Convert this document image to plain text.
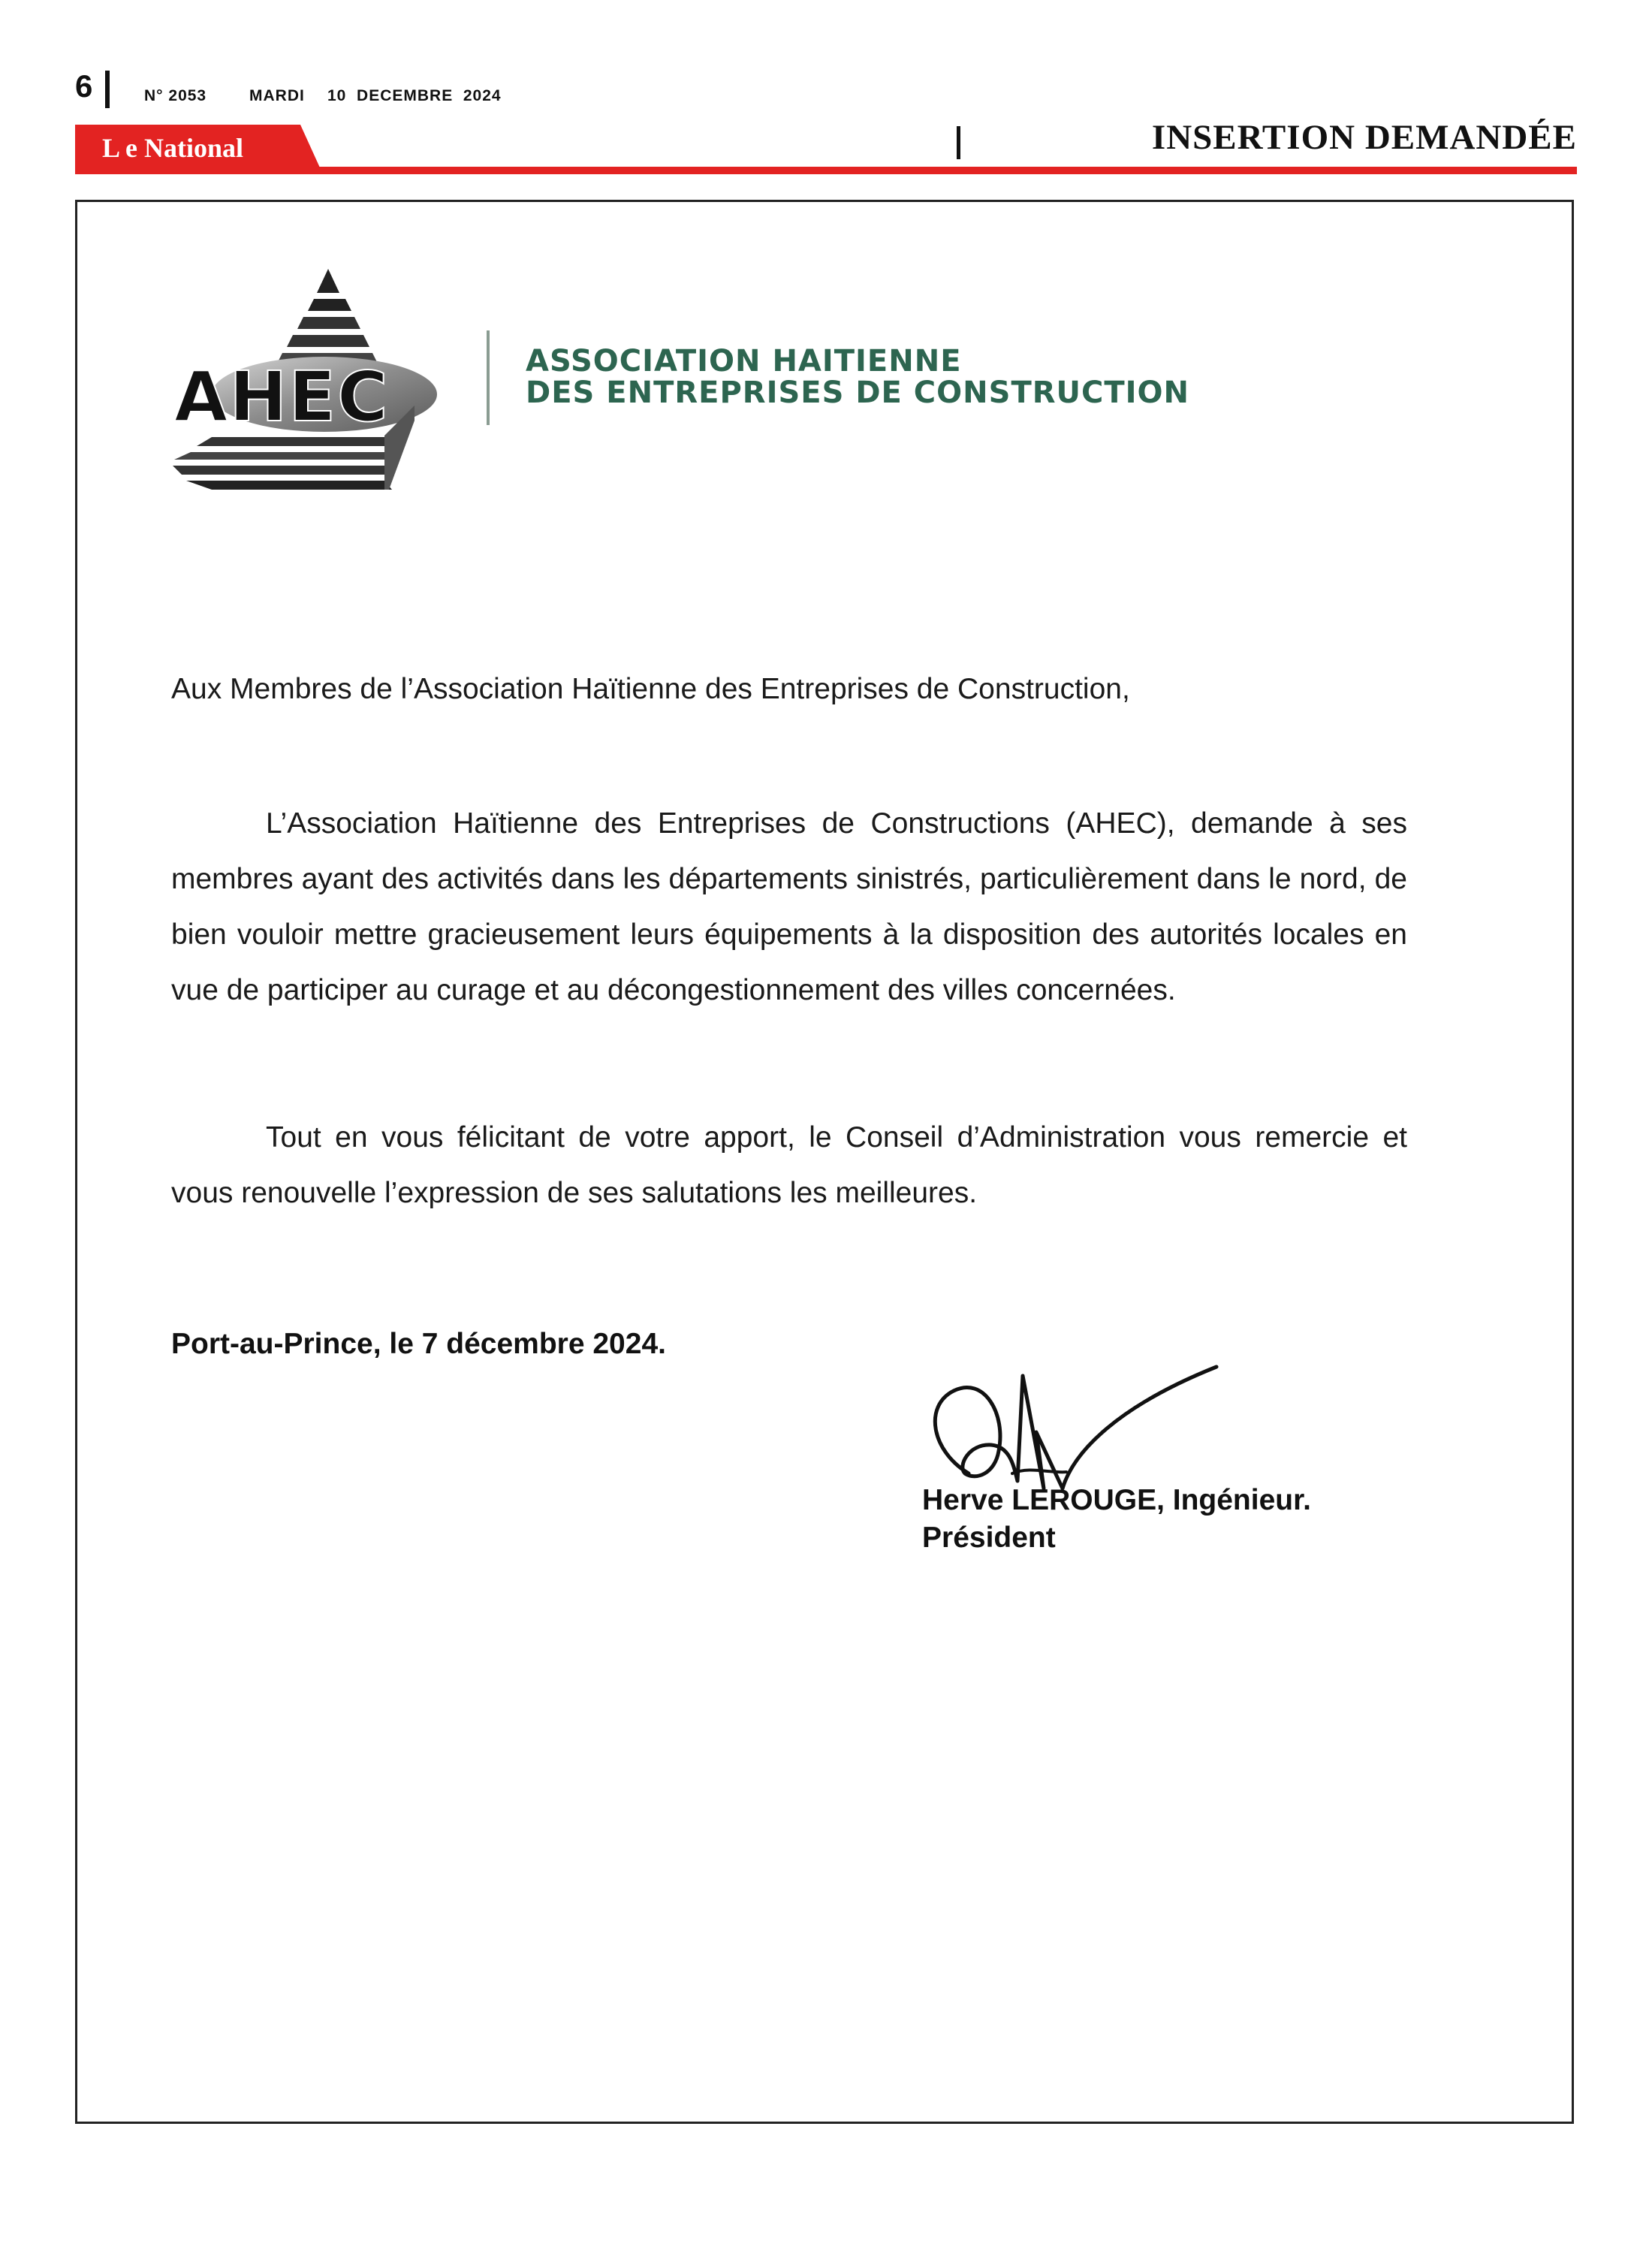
6	N° 2053	MARDI 10  DECEMBRE  2024
L e National	INSERTION DEMANDÉE
AHEC	ASSOCIATION HAITIENNE
DES ENTREPRISES DE CONSTRUCTION
Aux Membres de l’Association Haïtienne des Entreprises de Construction,

L’Association Haïtienne des Entreprises de Constructions (AHEC), demande à ses membres ayant des activités dans les départements sinistrés, particulièrement dans le nord, de bien vouloir mettre gracieusement leurs équipements à la disposition des autorités locales en vue de participer au curage et au décongestionnement des villes concernées.

Tout en vous félicitant de votre apport, le Conseil d’Administration vous remercie et vous renouvelle l’expression de ses salutations les meilleures.

Port-au-Prince, le 7 décembre 2024.
Herve LEROUGE, Ingénieur.
Président
